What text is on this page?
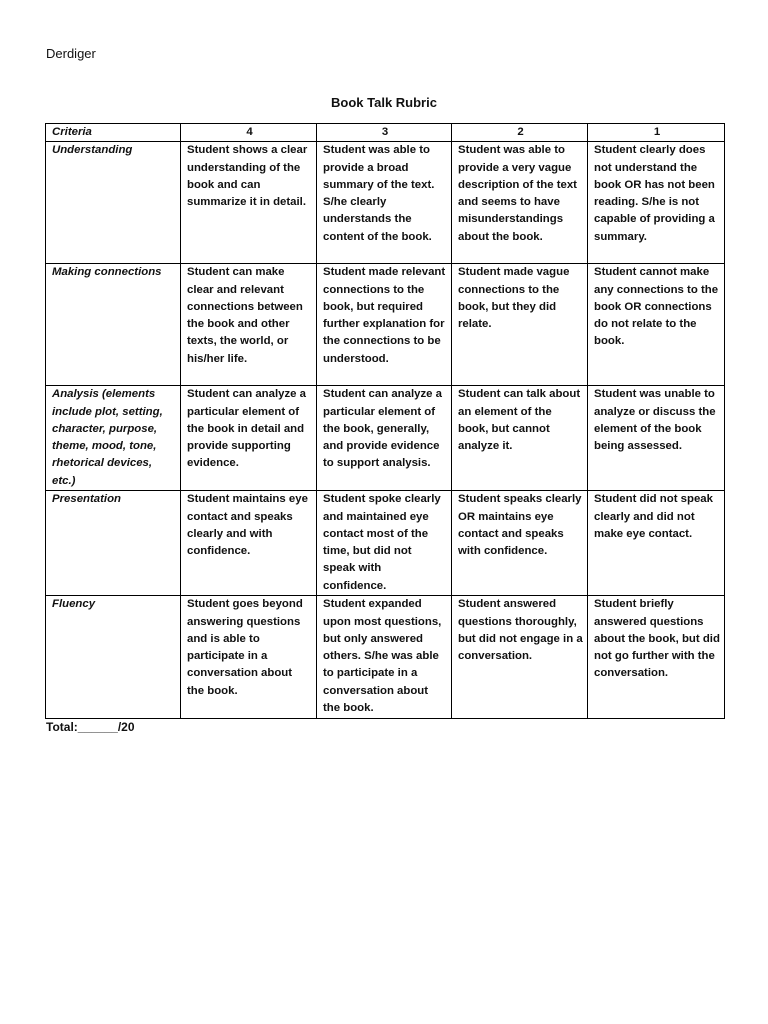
Derdiger
Book Talk Rubric
Criteria	4	3	2	1
Understanding	Student shows a clear understanding of the book and can summarize it in detail.	Student was able to provide a broad summary of the text. S/he clearly understands the content of the book.	Student was able to provide a very vague description of the text and seems to have misunderstandings about the book.	Student clearly does not understand the book OR has not been reading. S/he is not capable of providing a summary.
Making connections	Student can make clear and relevant connections between the book and other texts, the world, or his/her life.	Student made relevant connections to the book, but required further explanation for the connections to be understood.	Student made vague connections to the book, but they did relate.	Student cannot make any connections to the book OR connections do not relate to the book.
Analysis (elements include plot, setting, character, purpose, theme, mood, tone, rhetorical devices, etc.)	Student can analyze a particular element of the book in detail and provide supporting evidence.	Student can analyze a particular element of the book, generally, and provide evidence to support analysis.	Student can talk about an element of the book, but cannot analyze it.	Student was unable to analyze or discuss the element of the book being assessed.
Presentation	Student maintains eye contact and speaks clearly and with confidence.	Student spoke clearly and maintained eye contact most of the time, but did not speak with confidence.	Student speaks clearly OR maintains eye contact and speaks with confidence.	Student did not speak clearly and did not make eye contact.
Fluency	Student goes beyond answering questions and is able to participate in a conversation about the book.	Student expanded upon most questions, but only answered others. S/he was able to participate in a conversation about the book.	Student answered questions thoroughly, but did not engage in a conversation.	Student briefly answered questions about the book, but did not go further with the conversation.
Total:______/20
